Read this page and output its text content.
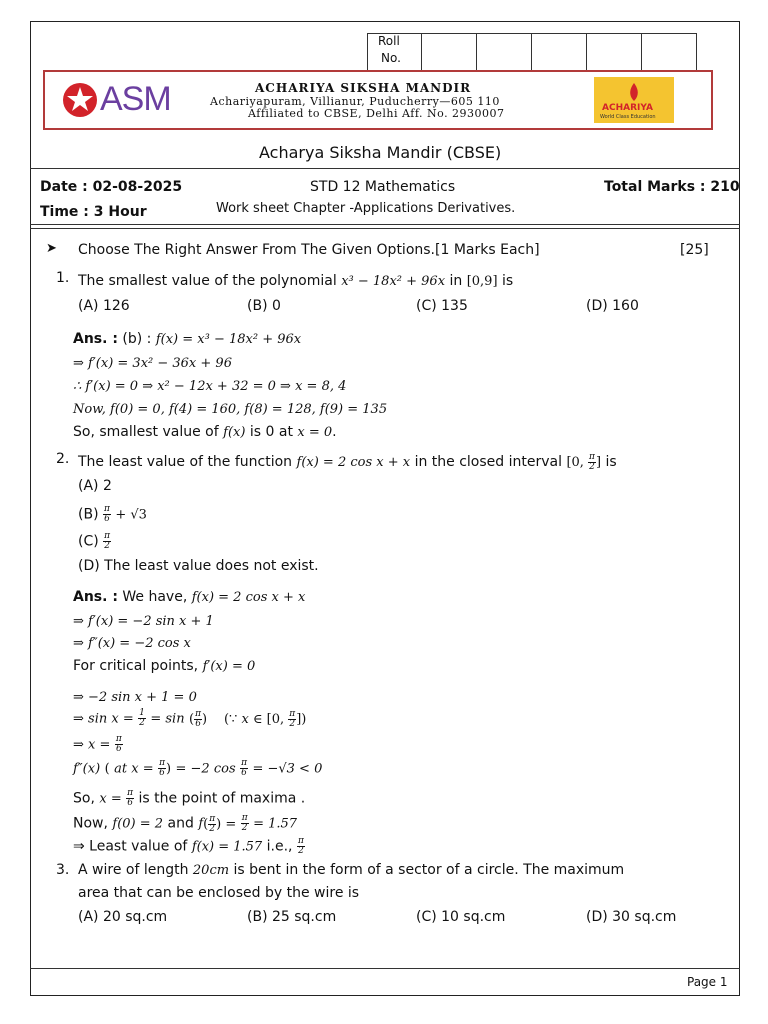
Roll
No.
ASM	ACHARIYA SIKSHA MANDIR
Achariyapuram, Villianur, Puducherry—605 110
Affiliated to CBSE, Delhi Aff. No. 2930007	ACHARIYA
World Class Education
Acharya Siksha Mandir (CBSE)
Date : 02-08-2025	STD 12 Mathematics	Total Marks : 210
Time : 3 Hour	Work sheet Chapter -Applications Derivatives.
➤ Choose The Right Answer From The Given Options.[1 Marks Each]	[25]
1. The smallest value of the polynomial x³ − 18x² + 96x in [0,9] is
(A) 126	(B) 0	(C) 135	(D) 160
Ans. : (b) : f(x) = x³ − 18x² + 96x
⇒ f′(x) = 3x² − 36x + 96
∴ f′(x) = 0 ⇒ x² − 12x + 32 = 0 ⇒ x = 8, 4
Now, f(0) = 0, f(4) = 160, f(8) = 128, f(9) = 135
So, smallest value of f(x) is 0 at x = 0.
2. The least value of the function f(x) = 2 cos x + x in the closed interval [0, $\frac{\pi}{2}$ ] is
(A) 2
$(B) \frac{\pi}{6} + √3$
$(C) \frac{\pi}{2}$
(D) The least value does not exist.
Ans. : We have, f(x) = 2 cos x + x
⇒ f′(x) = −2 sin x + 1
⇒ f″(x) = −2 cos x
For critical points, f′(x) = 0
⇒ −2 sin x + 1 = 0
⇒ $\sin x = \frac{1}{2} = \sin$ ( $\frac{\pi}{6}$ )    (∵ x ∈ [0, $\frac{\pi}{2}$ ])
⇒ $x = \frac{\pi}{6}$
f″(x) ( at $x = \frac{\pi}{6}$ ) = −2 $\cos \frac{\pi}{6} = -√3 < 0$
So, $x = \frac{\pi}{6}$ is the point of maxima .
Now, f(0) = 2 and $f( \frac{\pi}{2}$ ) = $\frac{\pi}{2} = 1.57$
⇒ Least value of f(x) = 1.57 i.e., $\frac{\pi}{2}$
3. A wire of length 20cm is bent in the form of a sector of a circle. The maximum
area that can be enclosed by the wire is
(A) 20 sq.cm	(B) 25 sq.cm	(C) 10 sq.cm	(D) 30 sq.cm
Page 1
